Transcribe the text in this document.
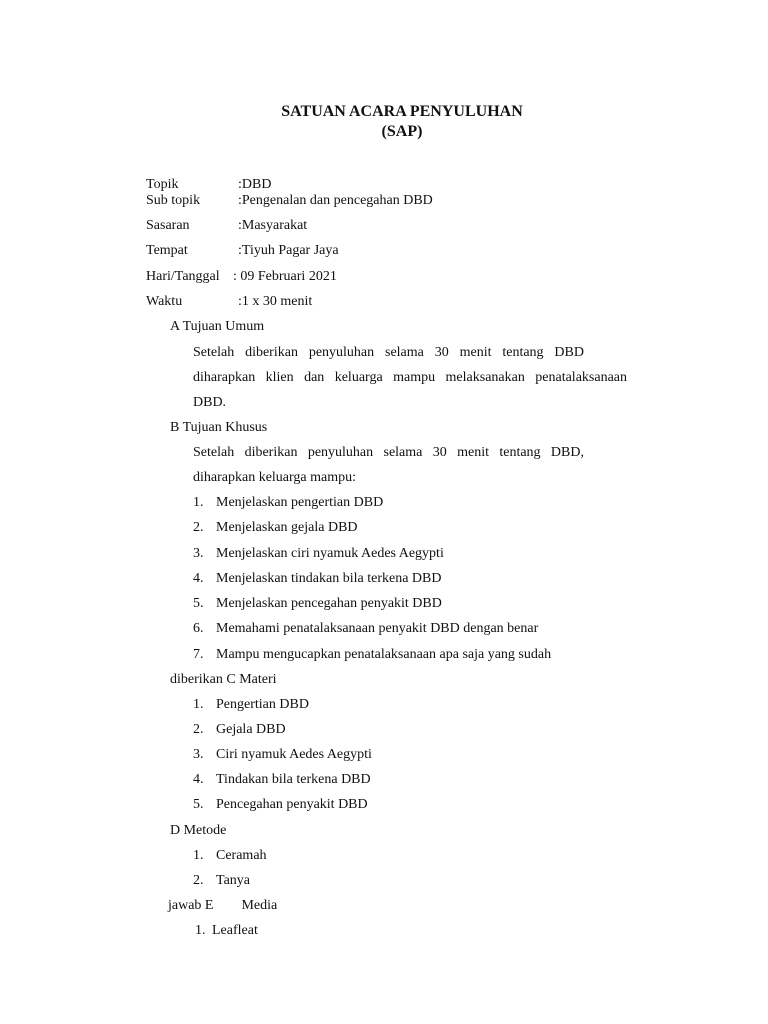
SATUAN ACARA PENYULUHAN
(SAP)
Topik	:DBD
Sub topik	:Pengenalan dan pencegahan DBD
Sasaran	:Masyarakat
Tempat	:Tiyuh Pagar Jaya
Hari/Tanggal : 09 Februari 2021
Waktu	:1 x 30 menit
A Tujuan Umum
Setelah diberikan penyuluhan selama 30 menit tentang DBD
diharapkan klien dan keluarga mampu melaksanakan penatalaksanaan
DBD.
B Tujuan Khusus
Setelah diberikan penyuluhan selama 30 menit tentang DBD,
diharapkan keluarga mampu:
1. Menjelaskan pengertian DBD
2. Menjelaskan gejala DBD
3. Menjelaskan ciri nyamuk Aedes Aegypti
4. Menjelaskan tindakan bila terkena DBD
5. Menjelaskan pencegahan penyakit DBD
6. Memahami penatalaksanaan penyakit DBD dengan benar
7. Mampu mengucapkan penatalaksanaan apa saja yang sudah
diberikan C Materi
1. Pengertian DBD
2. Gejala DBD
3. Ciri nyamuk Aedes Aegypti
4. Tindakan bila terkena DBD
5. Pencegahan penyakit DBD
D Metode
1. Ceramah
2. Tanya
jawab E        Media
1. Leafleat
